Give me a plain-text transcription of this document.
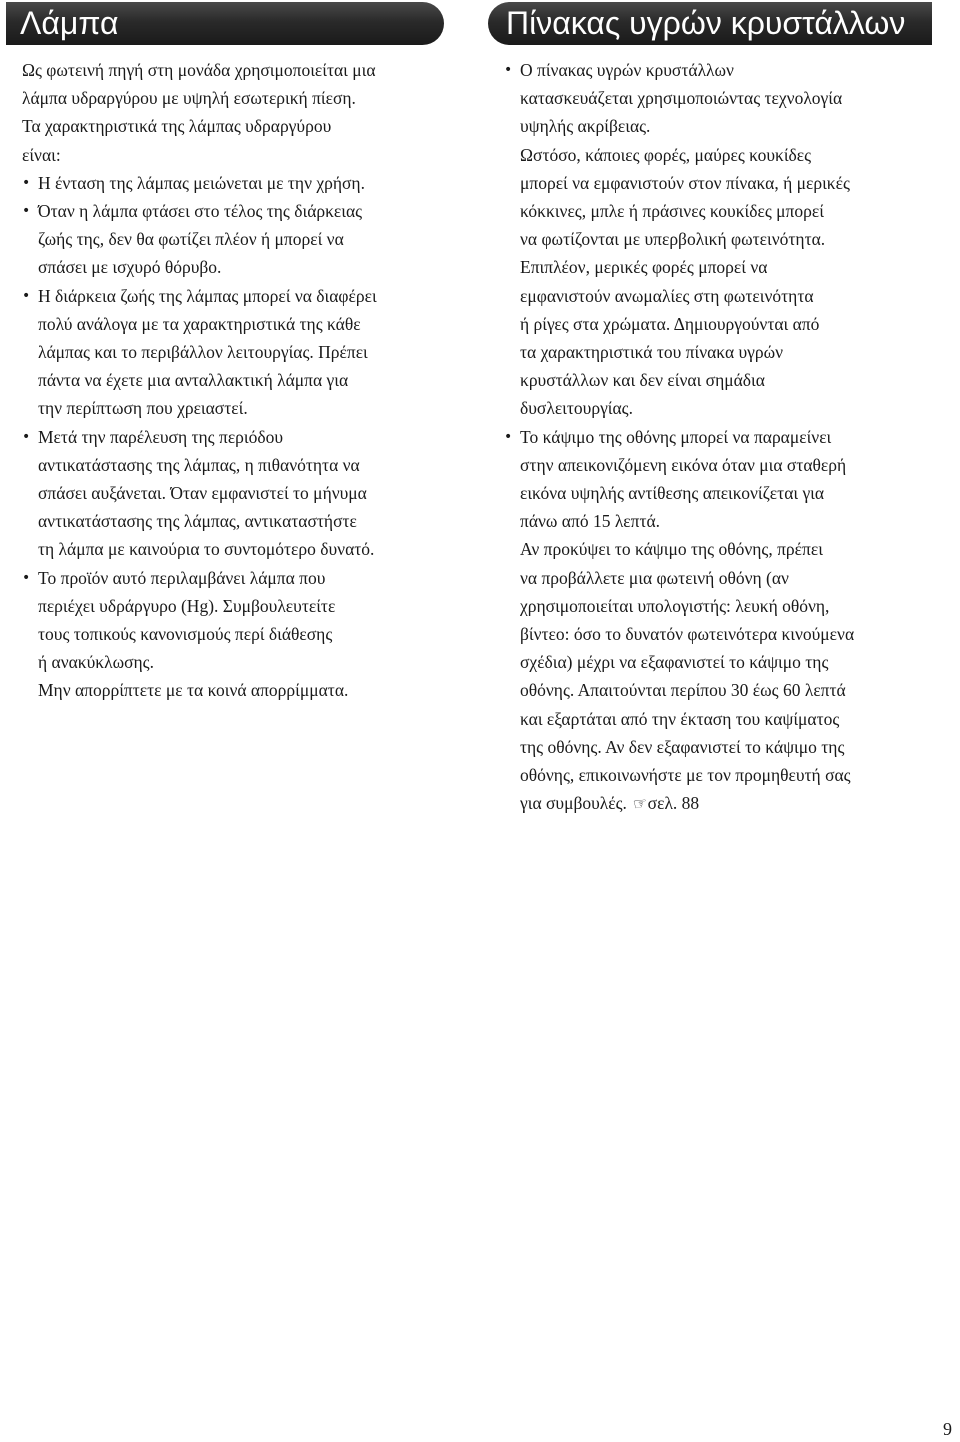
Λάμπα

Ως φωτεινή πηγή στη μονάδα χρησιμοποιείται μια
λάμπα υδραργύρου με υψηλή εσωτερική πίεση.
Τα χαρακτηριστικά της λάμπας υδραργύρου
είναι:

• Η ένταση της λάμπας μειώνεται με την χρήση.
• Όταν η λάμπα φτάσει στο τέλος της διάρκειας
ζωής της, δεν θα φωτίζει πλέον ή μπορεί να
σπάσει με ισχυρό θόρυβο.
• Η διάρκεια ζωής της λάμπας μπορεί να διαφέρει
πολύ ανάλογα με τα χαρακτηριστικά της κάθε
λάμπας και το περιβάλλον λειτουργίας. Πρέπει
πάντα να έχετε μια ανταλλακτική λάμπα για
την περίπτωση που χρειαστεί.
• Μετά την παρέλευση της περιόδου
αντικατάστασης της λάμπας, η πιθανότητα να
σπάσει αυξάνεται. Όταν εμφανιστεί το μήνυμα
αντικατάστασης της λάμπας, αντικαταστήστε
τη λάμπα με καινούρια το συντομότερο δυνατό.
• Το προϊόν αυτό περιλαμβάνει λάμπα που
περιέχει υδράργυρο (Hg). Συμβουλευτείτε
τους τοπικούς κανονισμούς περί διάθεσης
ή ανακύκλωσης.
Μην απορρίπτετε με τα κοινά απορρίμματα.
Πίνακας υγρών κρυστάλλων
• Ο πίνακας υγρών κρυστάλλων
κατασκευάζεται χρησιμοποιώντας τεχνολογία
υψηλής ακρίβειας.
Ωστόσο, κάποιες φορές, μαύρες κουκίδες
μπορεί να εμφανιστούν στον πίνακα, ή μερικές
κόκκινες, μπλε ή πράσινες κουκίδες μπορεί
να φωτίζονται με υπερβολική φωτεινότητα.
Επιπλέον, μερικές φορές μπορεί να
εμφανιστούν ανωμαλίες στη φωτεινότητα
ή ρίγες στα χρώματα. Δημιουργούνται από
τα χαρακτηριστικά του πίνακα υγρών
κρυστάλλων και δεν είναι σημάδια
δυσλειτουργίας.
• Το κάψιμο της οθόνης μπορεί να παραμείνει
στην απεικονιζόμενη εικόνα όταν μια σταθερή
εικόνα υψηλής αντίθεσης απεικονίζεται για
πάνω από 15 λεπτά.
Αν προκύψει το κάψιμο της οθόνης, πρέπει
να προβάλλετε μια φωτεινή οθόνη (αν
χρησιμοποιείται υπολογιστής: λευκή οθόνη,
βίντεο: όσο το δυνατόν φωτεινότερα κινούμενα
σχέδια) μέχρι να εξαφανιστεί το κάψιμο της
οθόνης. Απαιτούνται περίπου 30 έως 60 λεπτά
και εξαρτάται από την έκταση του καψίματος
της οθόνης. Αν δεν εξαφανιστεί το κάψιμο της
οθόνης, επικοινωνήστε με τον προμηθευτή σας
για συμβουλές. ☞σελ. 88
9
